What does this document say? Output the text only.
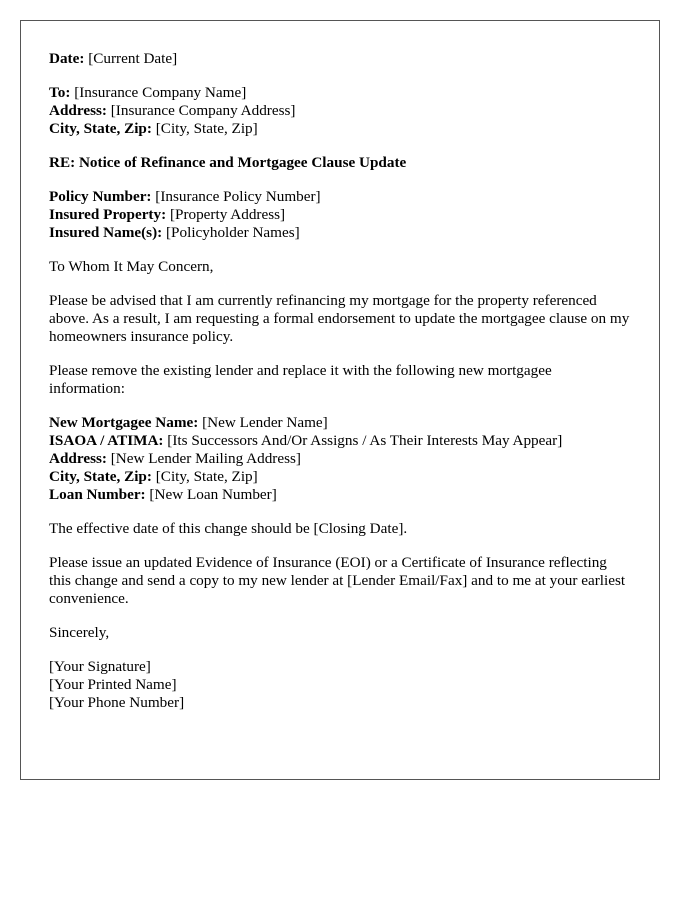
Date: [Current Date]
To: [Insurance Company Name]
Address: [Insurance Company Address]
City, State, Zip: [City, State, Zip]
RE: Notice of Refinance and Mortgagee Clause Update
Policy Number: [Insurance Policy Number]
Insured Property: [Property Address]
Insured Name(s): [Policyholder Names]
To Whom It May Concern,
Please be advised that I am currently refinancing my mortgage for the property referenced above. As a result, I am requesting a formal endorsement to update the mortgagee clause on my homeowners insurance policy.
Please remove the existing lender and replace it with the following new mortgagee information:
New Mortgagee Name: [New Lender Name]
ISAOA / ATIMA: [Its Successors And/Or Assigns / As Their Interests May Appear]
Address: [New Lender Mailing Address]
City, State, Zip: [City, State, Zip]
Loan Number: [New Loan Number]
The effective date of this change should be [Closing Date].
Please issue an updated Evidence of Insurance (EOI) or a Certificate of Insurance reflecting this change and send a copy to my new lender at [Lender Email/Fax] and to me at your earliest convenience.
Sincerely,
[Your Signature]
[Your Printed Name]
[Your Phone Number]
